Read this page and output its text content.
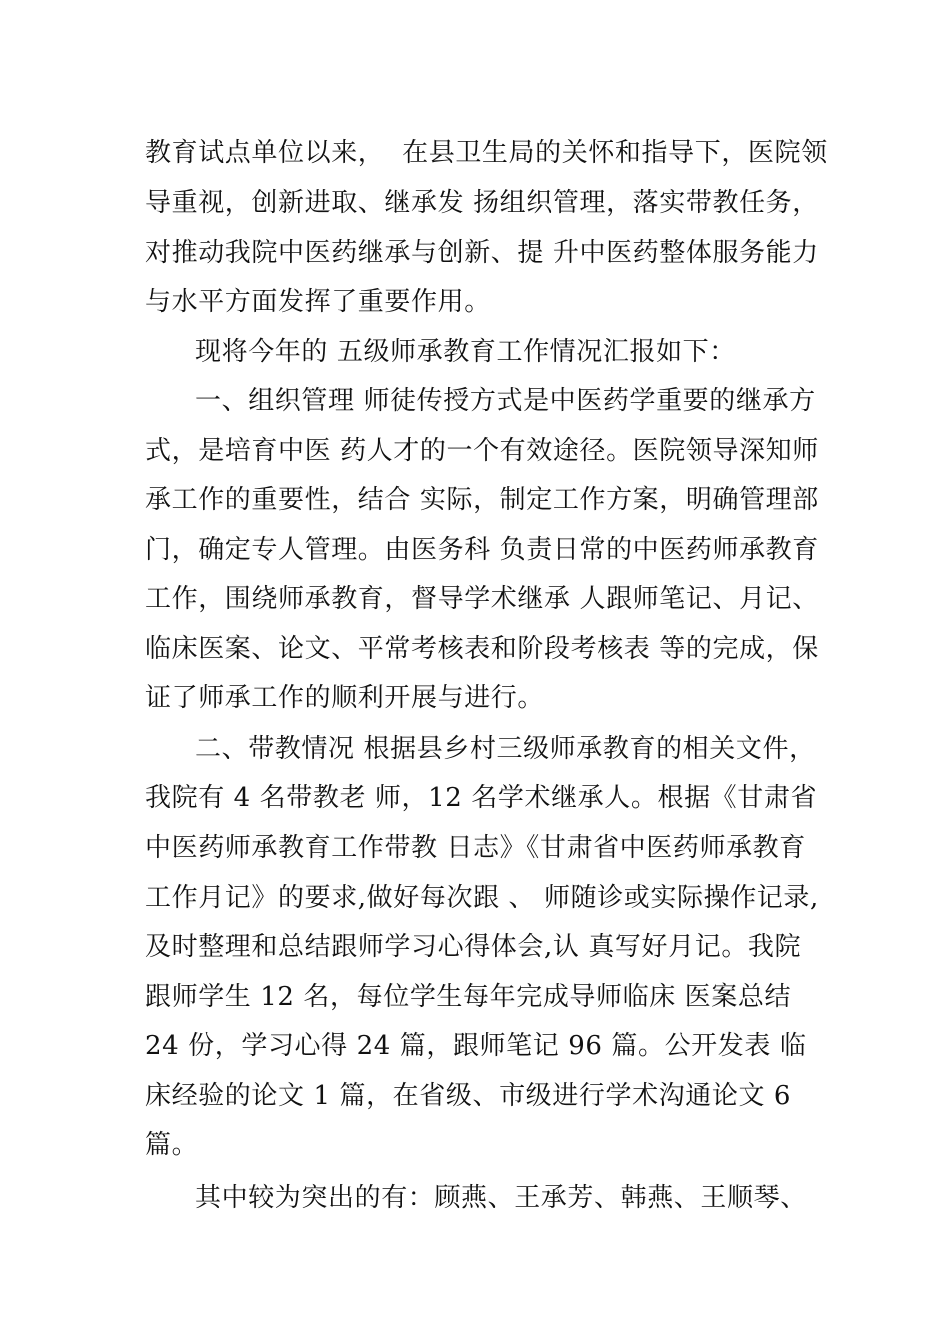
教育试点单位以来，  在县卫生局的关怀和指导下，医院领
导重视，创新进取、继承发 扬组织管理，落实带教任务，
对推动我院中医药继承与创新、提 升中医药整体服务能力
与水平方面发挥了重要作用。
现将今年的 五级师承教育工作情况汇报如下：
一、组织管理 师徒传授方式是中医药学重要的继承方
式，是培育中医 药人才的一个有效途径。医院领导深知师
承工作的重要性，结合 实际，制定工作方案，明确管理部
门，确定专人管理。由医务科 负责日常的中医药师承教育
工作，围绕师承教育，督导学术继承 人跟师笔记、月记、
临床医案、论文、平常考核表和阶段考核表 等的完成，保
证了师承工作的顺利开展与进行。
二、带教情况 根据县乡村三级师承教育的相关文件，
我院有 4 名带教老 师，12 名学术继承人。根据《甘肃省
中医药师承教育工作带教 日志》《甘肃省中医药师承教育
工作月记》的要求,做好每次跟 、 师随诊或实际操作记录,
及时整理和总结跟师学习心得体会,认 真写好月记。我院
跟师学生 12 名，每位学生每年完成导师临床 医案总结
24 份，学习心得 24 篇，跟师笔记 96 篇。公开发表 临
床经验的论文 1 篇，在省级、市级进行学术沟通论文 6
篇。
其中较为突出的有：顾燕、王承芳、韩燕、王顺琴、
